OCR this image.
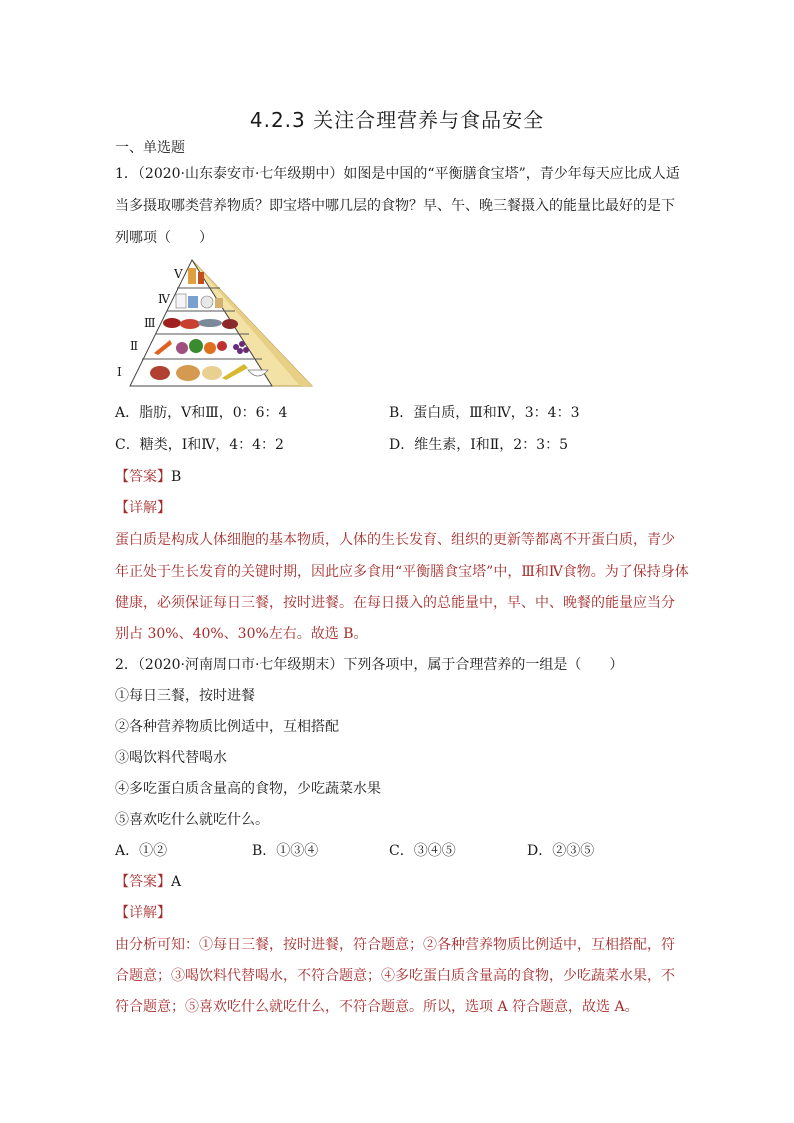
4.2.3 关注合理营养与食品安全
一、单选题
1．（2020·山东泰安市·七年级期中）如图是中国的“平衡膳食宝塔”，青少年每天应比成人适
当多摄取哪类营养物质？即宝塔中哪几层的食物？早、午、晚三餐摄入的能量比最好的是下
列哪项（　　）
Ⅴ
Ⅳ
Ⅲ
Ⅱ
Ⅰ
A．脂肪，Ⅴ和Ⅲ，0：6：4	B．蛋白质，Ⅲ和Ⅳ，3：4：3
C．糖类，Ⅰ和Ⅳ，4：4：2	D．维生素，Ⅰ和Ⅱ，2：3：5
【答案】B
【详解】
蛋白质是构成人体细胞的基本物质，人体的生长发育、组织的更新等都离不开蛋白质，青少
年正处于生长发育的关键时期，因此应多食用“平衡膳食宝塔”中，Ⅲ和Ⅳ食物。为了保持身体
健康，必须保证每日三餐，按时进餐。在每日摄入的总能量中，早、中、晚餐的能量应当分
别占 30%、40%、30%左右。故选 B。
2．（2020·河南周口市·七年级期末）下列各项中，属于合理营养的一组是（　　）
①每日三餐，按时进餐
②各种营养物质比例适中，互相搭配
③喝饮料代替喝水
④多吃蛋白质含量高的食物，少吃蔬菜水果
⑤喜欢吃什么就吃什么。
A．①②	B．①③④	C．③④⑤	D．②③⑤
【答案】A
【详解】
由分析可知：①每日三餐，按时进餐，符合题意；②各种营养物质比例适中，互相搭配，符
合题意；③喝饮料代替喝水，不符合题意；④多吃蛋白质含量高的食物，少吃蔬菜水果，不
符合题意；⑤喜欢吃什么就吃什么，不符合题意。所以，选项 A 符合题意，故选 A。
